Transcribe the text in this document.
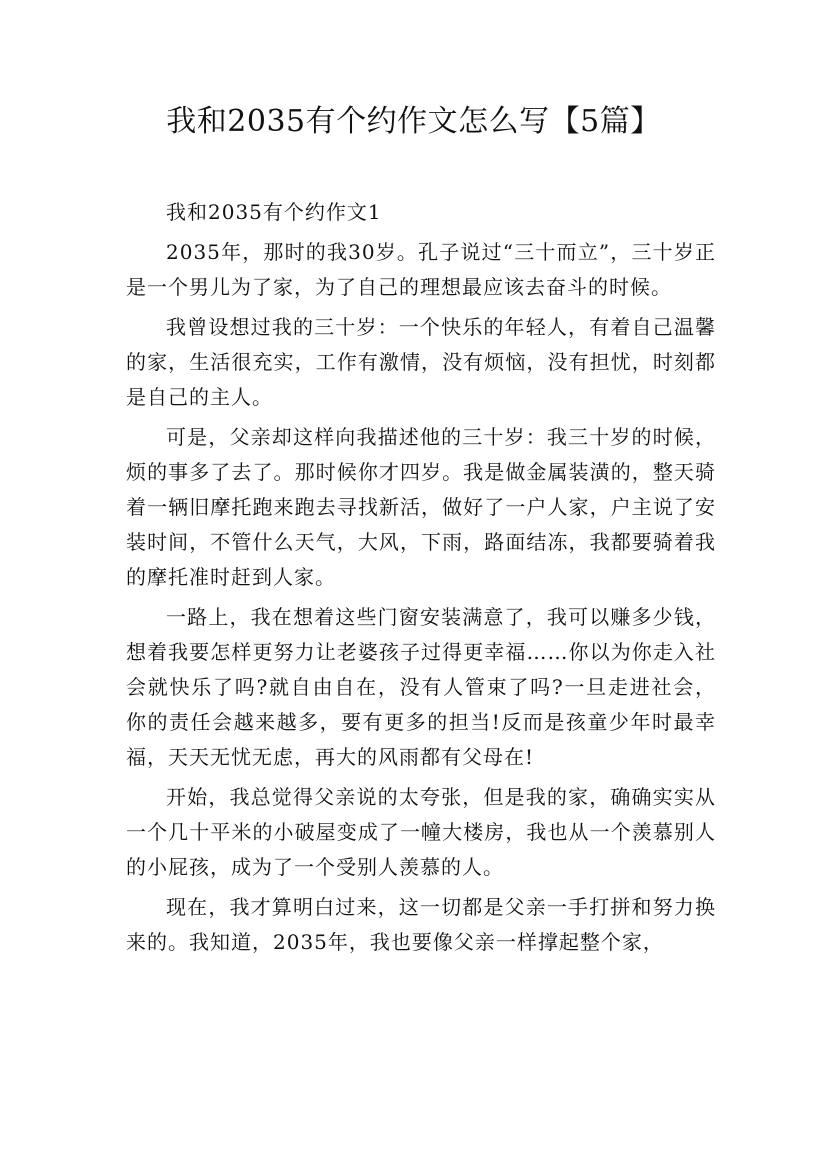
我和2035有个约作文怎么写【5篇】

我和2035有个约作文1

2035年，那时的我30岁。孔子说过“三十而立”，三十岁正是一个男儿为了家，为了自己的理想最应该去奋斗的时候。

我曾设想过我的三十岁：一个快乐的年轻人，有着自己温馨的家，生活很充实，工作有激情，没有烦恼，没有担忧，时刻都是自己的主人。

可是，父亲却这样向我描述他的三十岁：我三十岁的时候，烦的事多了去了。那时候你才四岁。我是做金属装潢的，整天骑着一辆旧摩托跑来跑去寻找新活，做好了一户人家，户主说了安装时间，不管什么天气，大风，下雨，路面结冻，我都要骑着我的摩托准时赶到人家。

一路上，我在想着这些门窗安装满意了，我可以赚多少钱，想着我要怎样更努力让老婆孩子过得更幸福……你以为你走入社会就快乐了吗?就自由自在，没有人管束了吗?一旦走进社会，你的责任会越来越多，要有更多的担当!反而是孩童少年时最幸福，天天无忧无虑，再大的风雨都有父母在!

开始，我总觉得父亲说的太夸张，但是我的家，确确实实从一个几十平米的小破屋变成了一幢大楼房，我也从一个羡慕别人的小屁孩，成为了一个受别人羡慕的人。

现在，我才算明白过来，这一切都是父亲一手打拼和努力换来的。我知道，2035年，我也要像父亲一样撑起整个家，
